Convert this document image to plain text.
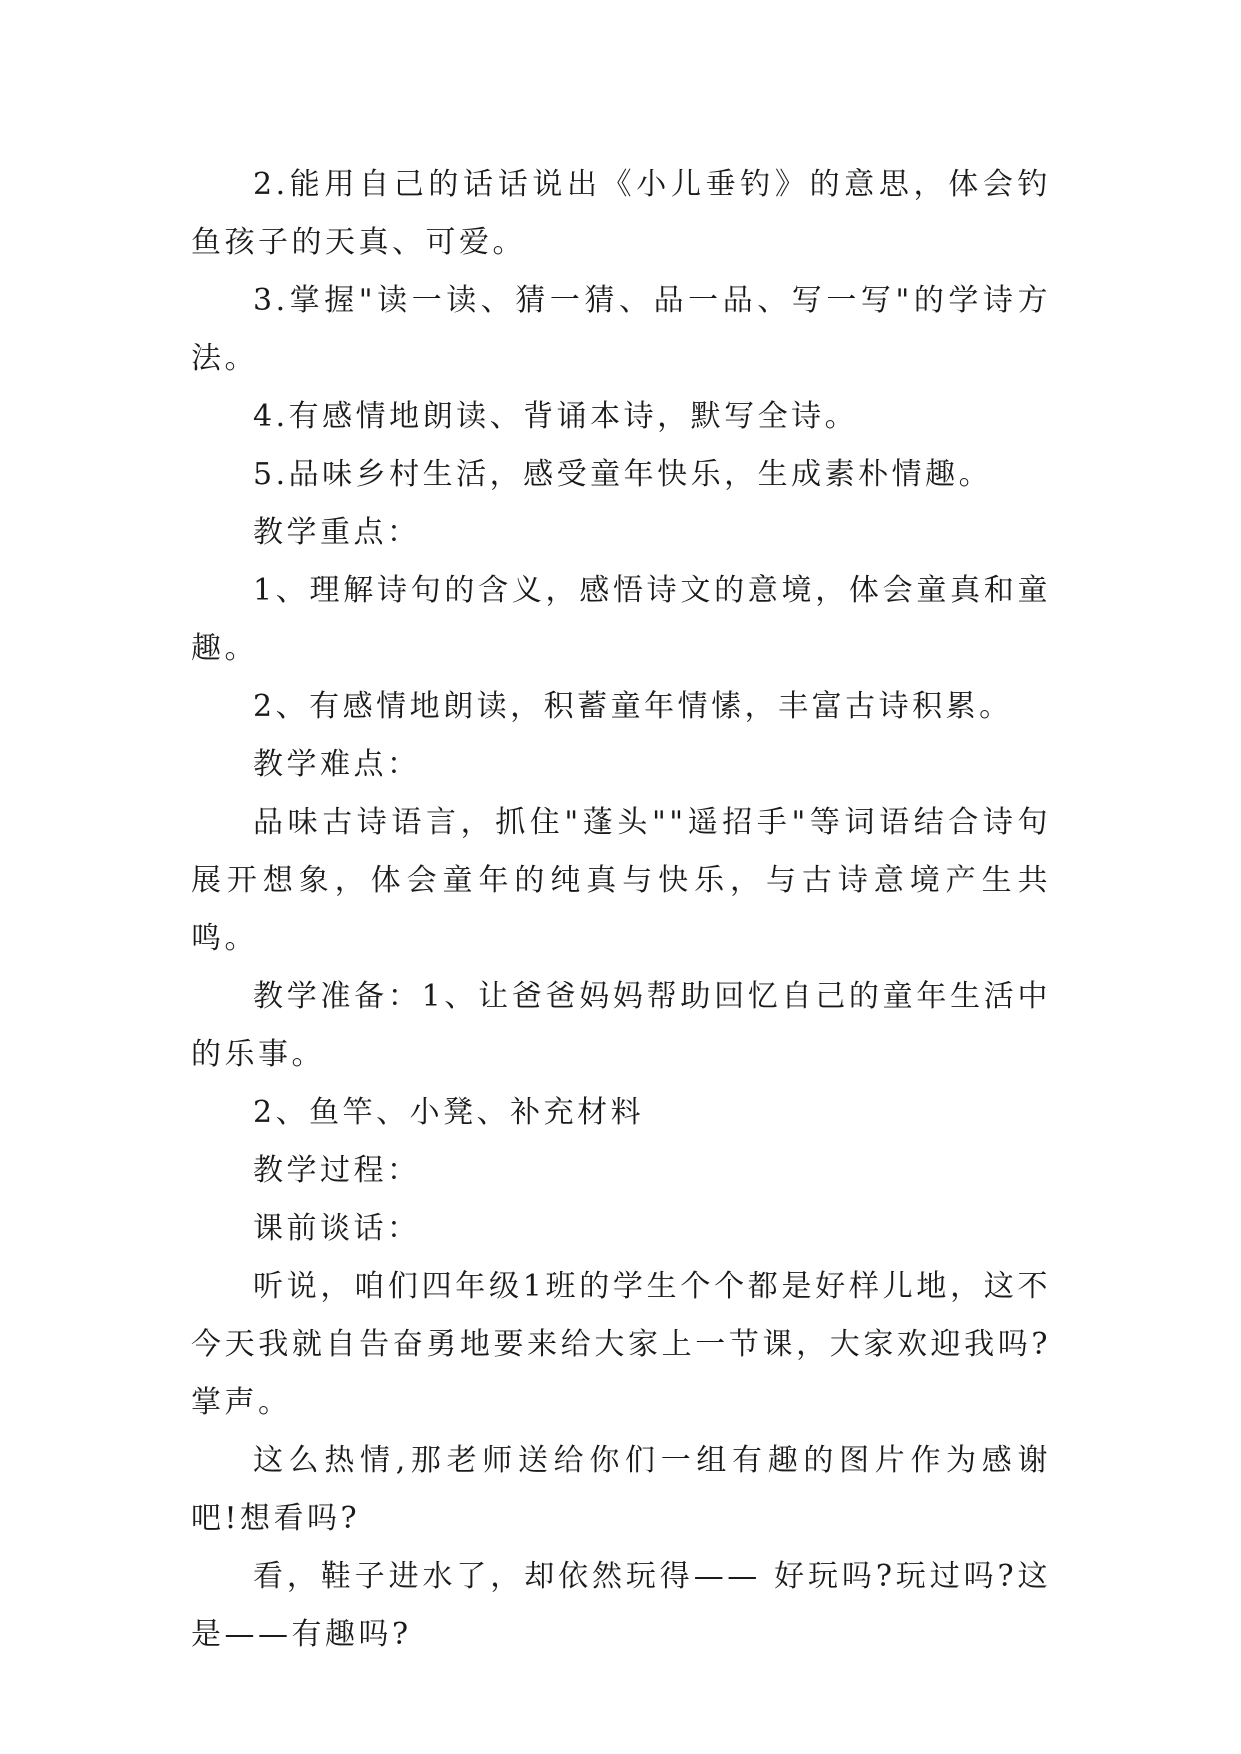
2.能用自己的话话说出《小儿垂钓》的意思，体会钓鱼孩子的天真、可爱。

3.掌握"读一读、猜一猜、品一品、写一写"的学诗方法。

4.有感情地朗读、背诵本诗，默写全诗。

5.品味乡村生活，感受童年快乐，生成素朴情趣。

教学重点：

1、理解诗句的含义，感悟诗文的意境，体会童真和童趣。

2、有感情地朗读，积蓄童年情愫，丰富古诗积累。

教学难点：

品味古诗语言，抓住"蓬头""遥招手"等词语结合诗句展开想象，体会童年的纯真与快乐，与古诗意境产生共鸣。

教学准备：1、让爸爸妈妈帮助回忆自己的童年生活中的乐事。

2、鱼竿、小凳、补充材料

教学过程：

课前谈话：

听说，咱们四年级1班的学生个个都是好样儿地，这不今天我就自告奋勇地要来给大家上一节课，大家欢迎我吗?掌声。

这么热情,那老师送给你们一组有趣的图片作为感谢吧!想看吗?

看，鞋子进水了，却依然玩得—— 好玩吗?玩过吗?这是——有趣吗?
